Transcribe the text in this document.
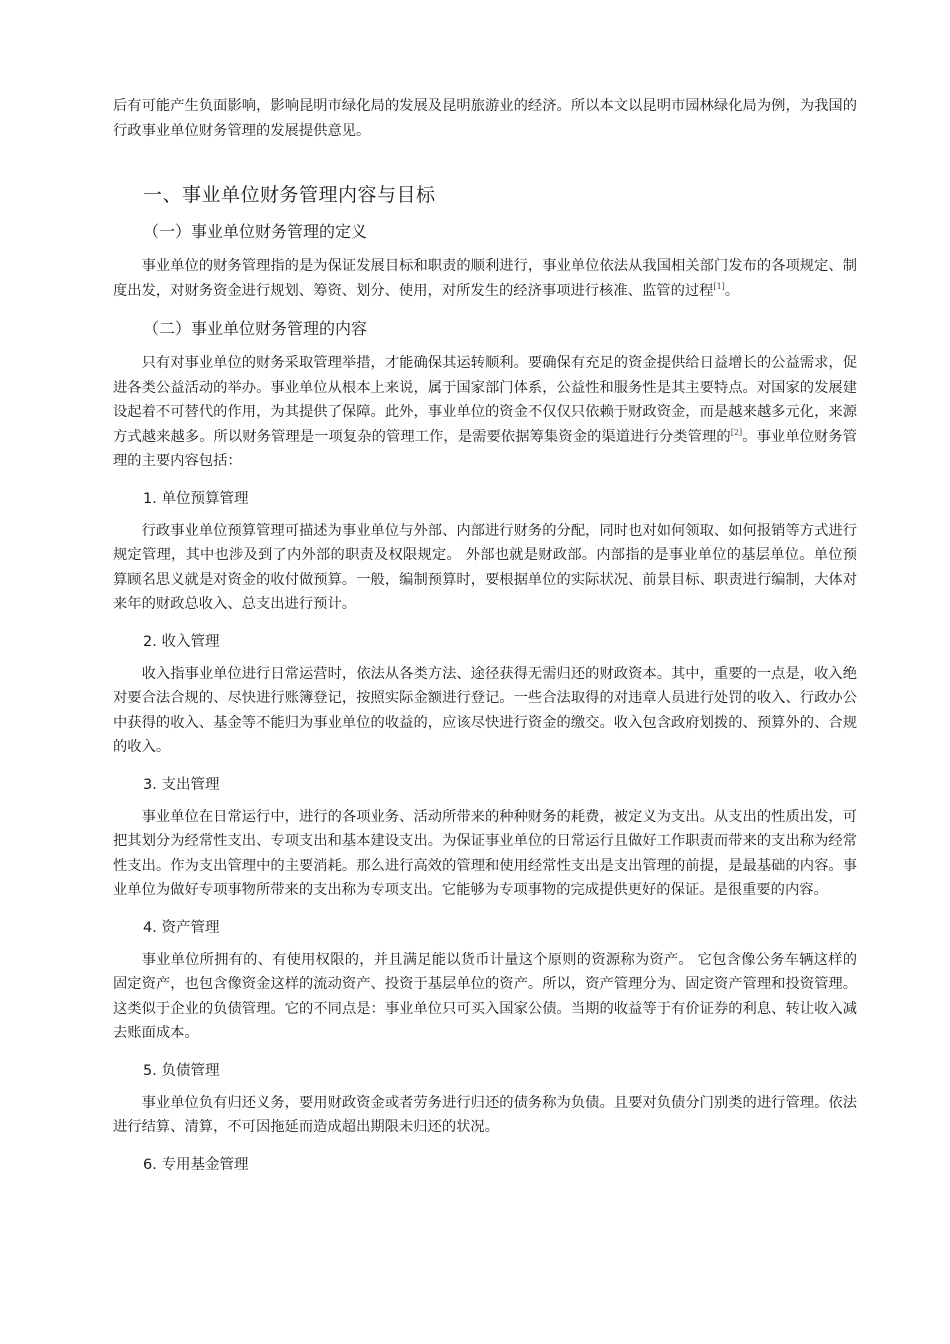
后有可能产生负面影响，影响昆明市绿化局的发展及昆明旅游业的经济。所以本文以昆明市园林绿化局为例，为我国的行政事业单位财务管理的发展提供意见。

一、事业单位财务管理内容与目标
（一）事业单位财务管理的定义

事业单位的财务管理指的是为保证发展目标和职责的顺利进行，事业单位依法从我国相关部门发布的各项规定、制度出发，对财务资金进行规划、筹资、划分、使用，对所发生的经济事项进行核准、监管的过程[1]。

（二）事业单位财务管理的内容

只有对事业单位的财务采取管理举措，才能确保其运转顺利。要确保有充足的资金提供给日益增长的公益需求，促进各类公益活动的举办。事业单位从根本上来说，属于国家部门体系，公益性和服务性是其主要特点。对国家的发展建设起着不可替代的作用，为其提供了保障。此外，事业单位的资金不仅仅只依赖于财政资金，而是越来越多元化，来源方式越来越多。所以财务管理是一项复杂的管理工作，是需要依据筹集资金的渠道进行分类管理的[2]。事业单位财务管理的主要内容包括：

1. 单位预算管理

行政事业单位预算管理可描述为事业单位与外部、内部进行财务的分配，同时也对如何领取、如何报销等方式进行规定管理，其中也涉及到了内外部的职责及权限规定。 外部也就是财政部。内部指的是事业单位的基层单位。单位预算顾名思义就是对资金的收付做预算。一般，编制预算时，要根据单位的实际状况、前景目标、职责进行编制，大体对来年的财政总收入、总支出进行预计。

2. 收入管理

收入指事业单位进行日常运营时，依法从各类方法、途径获得无需归还的财政资本。其中，重要的一点是，收入绝对要合法合规的、尽快进行账簿登记，按照实际金额进行登记。一些合法取得的对违章人员进行处罚的收入、行政办公中获得的收入、基金等不能归为事业单位的收益的，应该尽快进行资金的缴交。收入包含政府划拨的、预算外的、合规的收入。

3. 支出管理

事业单位在日常运行中，进行的各项业务、活动所带来的种种财务的耗费，被定义为支出。从支出的性质出发，可把其划分为经常性支出、专项支出和基本建设支出。为保证事业单位的日常运行且做好工作职责而带来的支出称为经常性支出。作为支出管理中的主要消耗。那么进行高效的管理和使用经常性支出是支出管理的前提，是最基础的内容。事业单位为做好专项事物所带来的支出称为专项支出。它能够为专项事物的完成提供更好的保证。是很重要的内容。

4. 资产管理

事业单位所拥有的、有使用权限的，并且满足能以货币计量这个原则的资源称为资产。 它包含像公务车辆这样的固定资产，也包含像资金这样的流动资产、投资于基层单位的资产。所以，资产管理分为、固定资产管理和投资管理。这类似于企业的负债管理。它的不同点是：事业单位只可买入国家公债。当期的收益等于有价证券的利息、转让收入减去账面成本。

5. 负债管理

事业单位负有归还义务，要用财政资金或者劳务进行归还的债务称为负债。且要对负债分门别类的进行管理。依法进行结算、清算，不可因拖延而造成超出期限未归还的状况。

6. 专用基金管理
